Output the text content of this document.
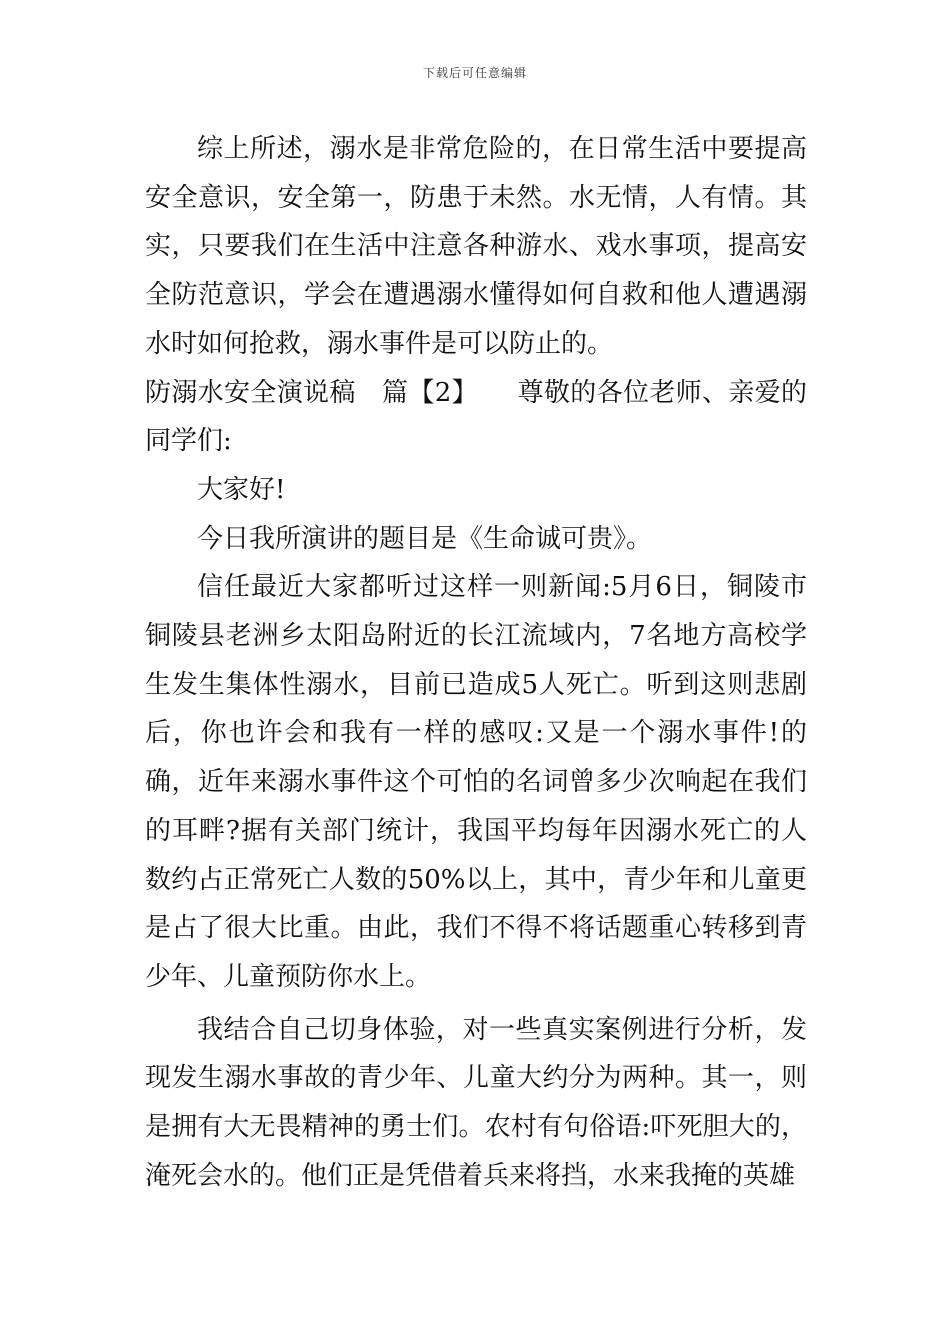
下载后可任意编辑

综上所述，溺水是非常危险的，在日常生活中要提高安全意识，安全第一，防患于未然。水无情，人有情。其实，只要我们在生活中注意各种游水、戏水事项，提高安全防范意识，学会在遭遇溺水懂得如何自救和他人遭遇溺水时如何抢救，溺水事件是可以防止的。

防溺水安全演说稿　篇【2】　　尊敬的各位老师、亲爱的同学们:

大家好!

今日我所演讲的题目是《生命诚可贵》。

信任最近大家都听过这样一则新闻:5月6日，铜陵市铜陵县老洲乡太阳岛附近的长江流域内，7名地方高校学生发生集体性溺水，目前已造成5人死亡。听到这则悲剧后，你也许会和我有一样的感叹:又是一个溺水事件!的确，近年来溺水事件这个可怕的名词曾多少次响起在我们的耳畔?据有关部门统计，我国平均每年因溺水死亡的人数约占正常死亡人数的50%以上，其中，青少年和儿童更是占了很大比重。由此，我们不得不将话题重心转移到青少年、儿童预防你水上。

我结合自己切身体验，对一些真实案例进行分析，发现发生溺水事故的青少年、儿童大约分为两种。其一，则是拥有大无畏精神的勇士们。农村有句俗语:吓死胆大的，淹死会水的。他们正是凭借着兵来将挡，水来我掩的英雄
